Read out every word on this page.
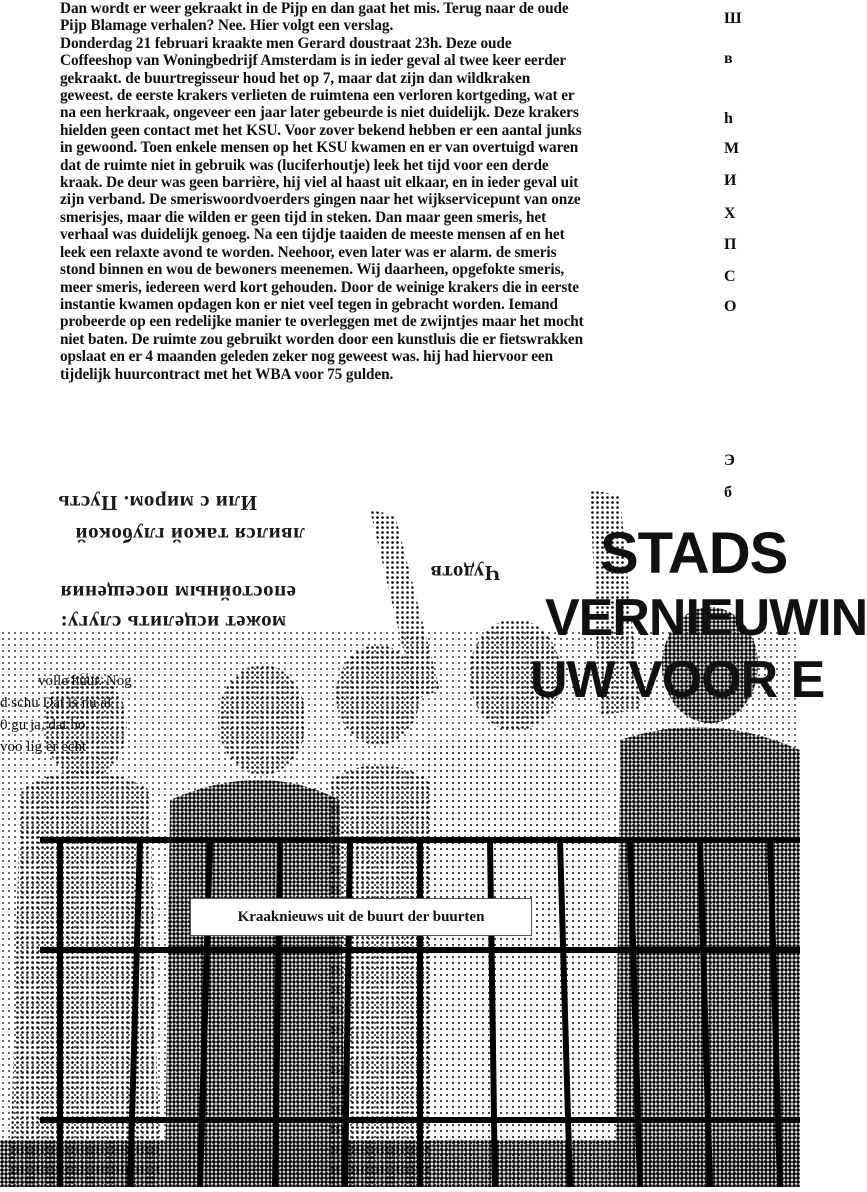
Dan wordt er weer gekraakt in de Pijp en dan gaat het mis. Terug naar de oude

Pijp Blamage verhalen? Nee. Hier volgt een verslag.

Donderdag 21 februari kraakte men Gerard doustraat 23h. Deze oude

Coffeeshop van Woningbedrijf Amsterdam is in ieder geval al twee keer eerder

gekraakt. de buurtregisseur houd het op 7, maar dat zijn dan wildkraken

geweest. de eerste krakers verlieten de ruimtena een verloren kortgeding, wat er

na een herkraak, ongeveer een jaar later gebeurde is niet duidelijk. Deze krakers

hielden geen contact met het KSU. Voor zover bekend hebben er een aantal junks

in gewoond. Toen enkele mensen op het KSU kwamen en er van overtuigd waren

dat de ruimte niet in gebruik was (luciferhoutje) leek het tijd voor een derde

kraak. De deur was geen barrière, hij viel al haast uit elkaar, en in ieder geval uit

zijn verband. De smeriswoordvoerders gingen naar het wijkservicepunt van onze

smerisjes, maar die wilden er geen tijd in steken. Dan maar geen smeris, het

verhaal was duidelijk genoeg. Na een tijdje taaiden de meeste mensen af en het

leek een relaxte avond te worden. Neehoor, even later was er alarm. de smeris

stond binnen en wou de bewoners meenemen. Wij daarheen, opgefokte smeris,

meer smeris, iedereen werd kort gehouden. Door de weinige krakers die in eerste

instantie kwamen opdagen kon er niet veel tegen in gebracht worden. Iemand

probeerde op een redelijke manier te overleggen met de zwijntjes maar het mocht

niet baten. De ruimte zou gebruikt worden door een kunstluis die er fietswrakken

opslaat en er 4 maanden geleden zeker nog geweest was. hij had hiervoor een

tijdelijk huurcontract met het WBA voor 75 gulden.

Ш
в
h
М
И
Х
П
С
О
Э
б
Или с миром. Пусть
лвился такой глубокой
Чудотв
епостойным посещения
может исцелить слугу:

volle huur. Nog

d schu Dat is nu al

0 gu ja, dat ho

voo lig er echt

STADS
VERNIEUWIN
UW VOOR E
Kraaknieuws uit de buurt der buurten
